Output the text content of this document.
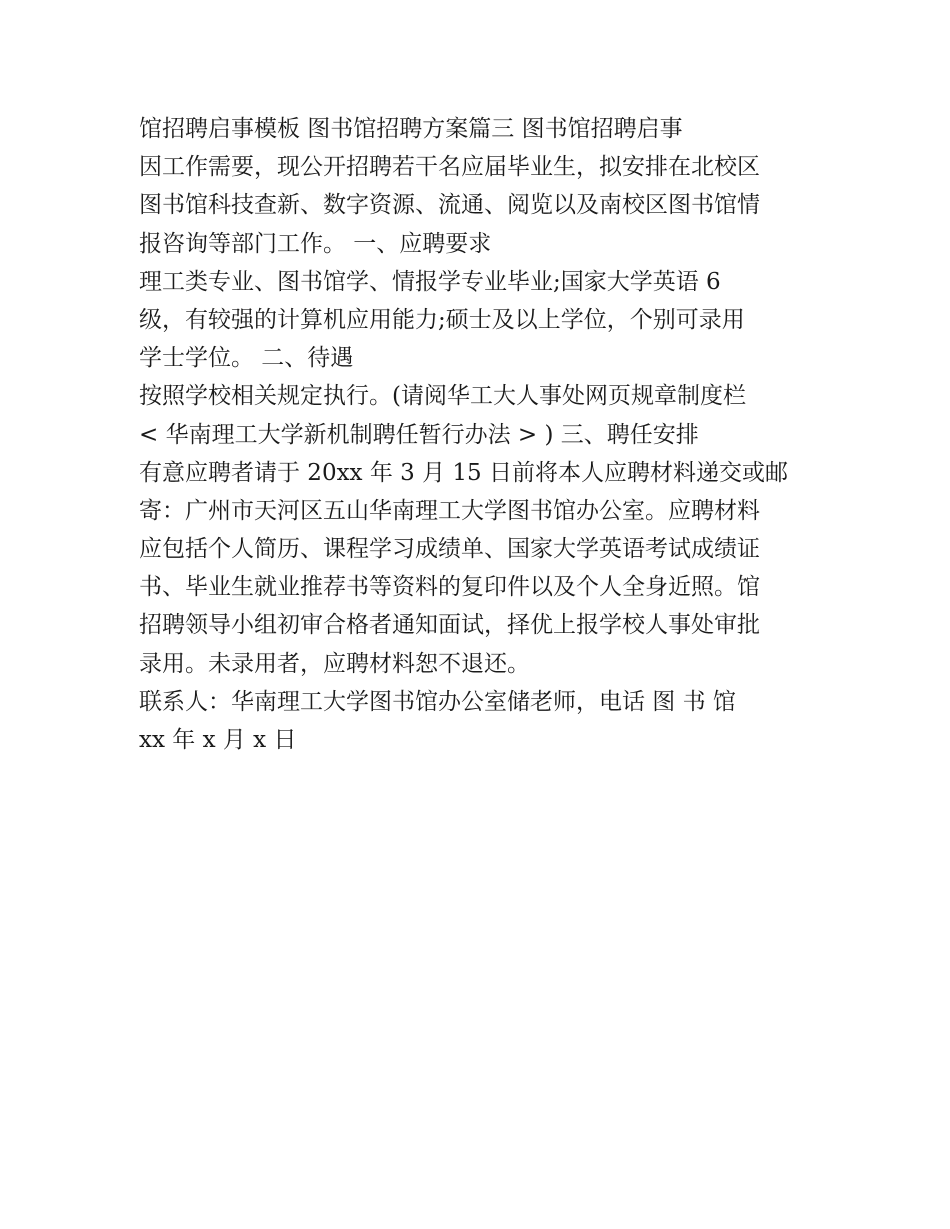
馆招聘启事模板 图书馆招聘方案篇三 图书馆招聘启事
因工作需要，现公开招聘若干名应届毕业生，拟安排在北校区
图书馆科技查新、数字资源、流通、阅览以及南校区图书馆情
报咨询等部门工作。 一、应聘要求
理工类专业、图书馆学、情报学专业毕业;国家大学英语 6
级，有较强的计算机应用能力;硕士及以上学位，个别可录用
学士学位。 二、待遇
按照学校相关规定执行。(请阅华工大人事处网页规章制度栏
< 华南理工大学新机制聘任暂行办法 > ) 三、聘任安排
有意应聘者请于 20xx 年 3 月 15 日前将本人应聘材料递交或邮
寄：广州市天河区五山华南理工大学图书馆办公室。应聘材料
应包括个人简历、课程学习成绩单、国家大学英语考试成绩证
书、毕业生就业推荐书等资料的复印件以及个人全身近照。馆
招聘领导小组初审合格者通知面试，择优上报学校人事处审批
录用。未录用者，应聘材料恕不退还。
联系人：华南理工大学图书馆办公室储老师，电话 图 书 馆
xx 年 x 月 x 日
